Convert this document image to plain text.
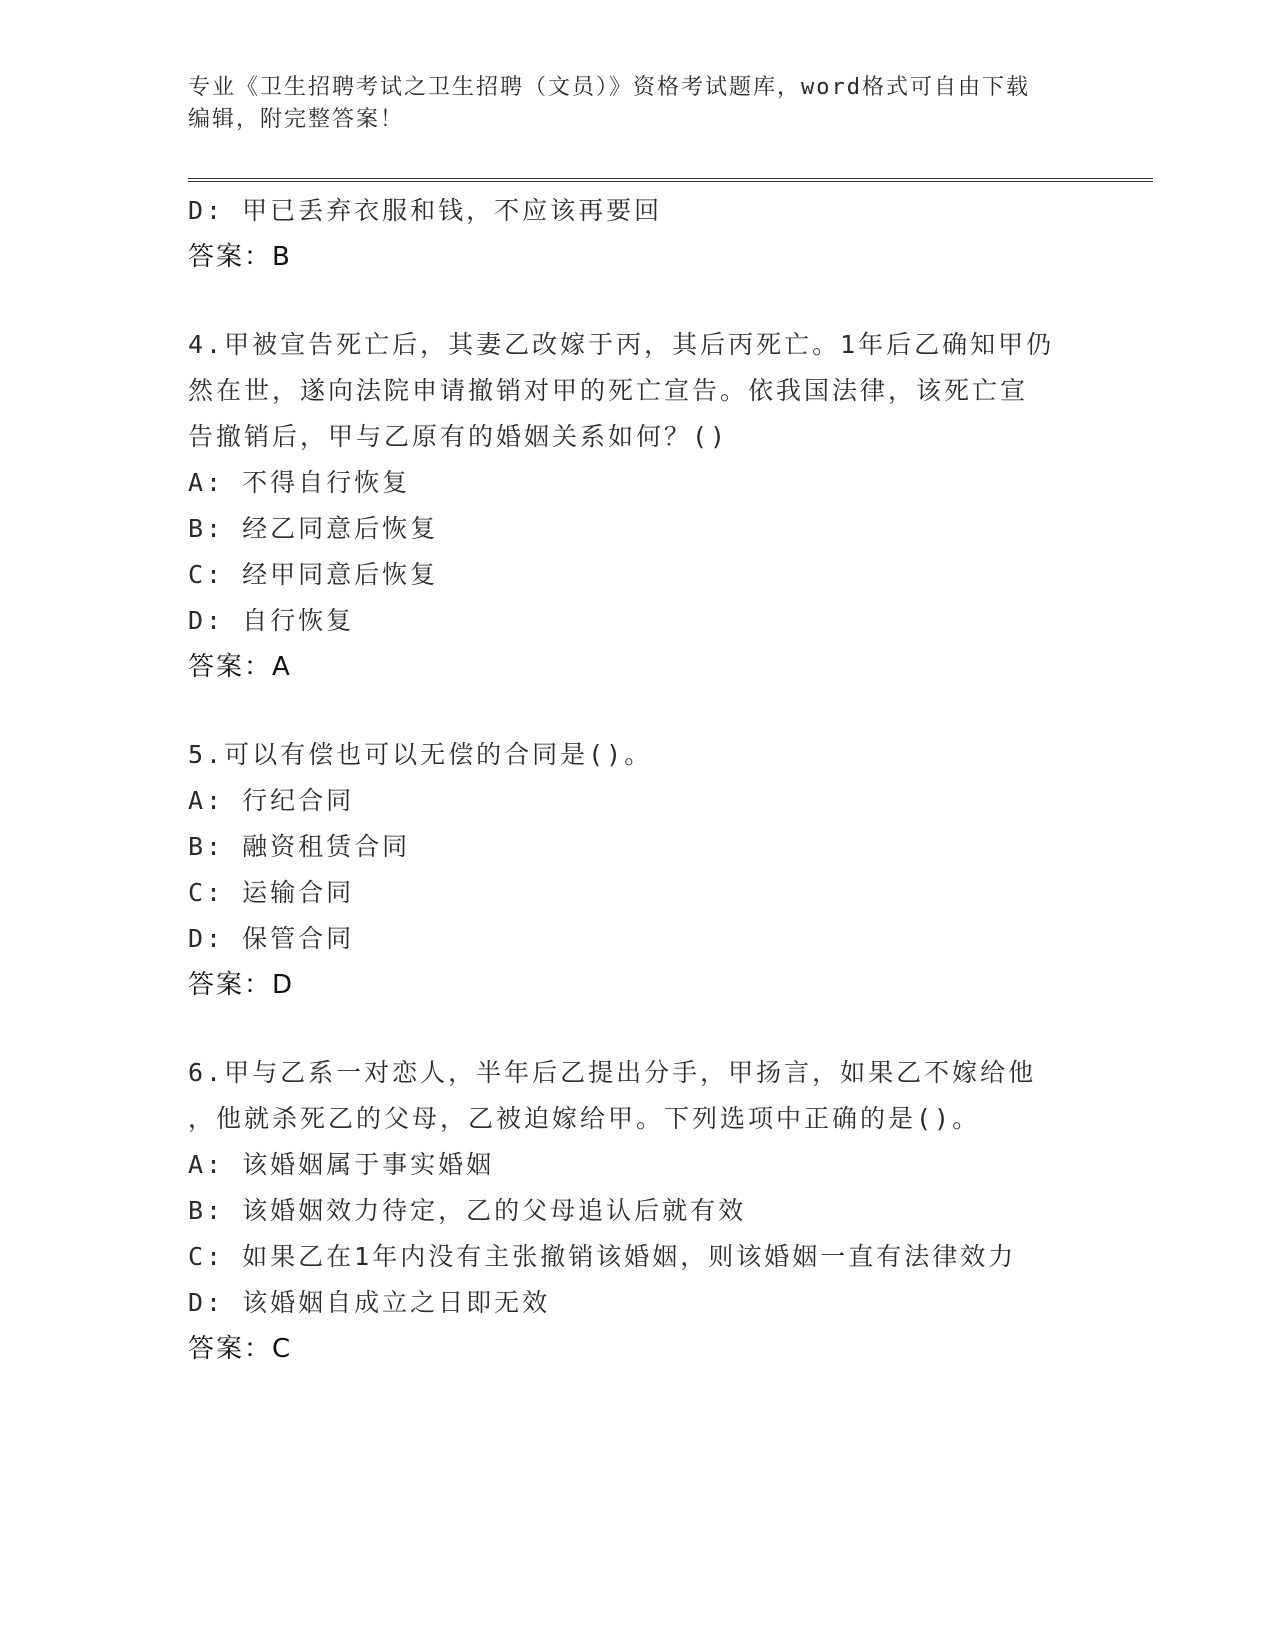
专业《卫生招聘考试之卫生招聘（文员）》资格考试题库，word格式可自由下载
编辑，附完整答案！
D: 甲已丢弃衣服和钱，不应该再要回
答案：B
4.甲被宣告死亡后，其妻乙改嫁于丙，其后丙死亡。1年后乙确知甲仍
然在世，遂向法院申请撤销对甲的死亡宣告。依我国法律，该死亡宣
告撤销后，甲与乙原有的婚姻关系如何？()
A: 不得自行恢复
B: 经乙同意后恢复
C: 经甲同意后恢复
D: 自行恢复
答案：A
5.可以有偿也可以无偿的合同是()。
A: 行纪合同
B: 融资租赁合同
C: 运输合同
D: 保管合同
答案：D
6.甲与乙系一对恋人，半年后乙提出分手，甲扬言，如果乙不嫁给他
，他就杀死乙的父母，乙被迫嫁给甲。下列选项中正确的是()。
A: 该婚姻属于事实婚姻
B: 该婚姻效力待定，乙的父母追认后就有效
C: 如果乙在1年内没有主张撤销该婚姻，则该婚姻一直有法律效力
D: 该婚姻自成立之日即无效
答案：C
